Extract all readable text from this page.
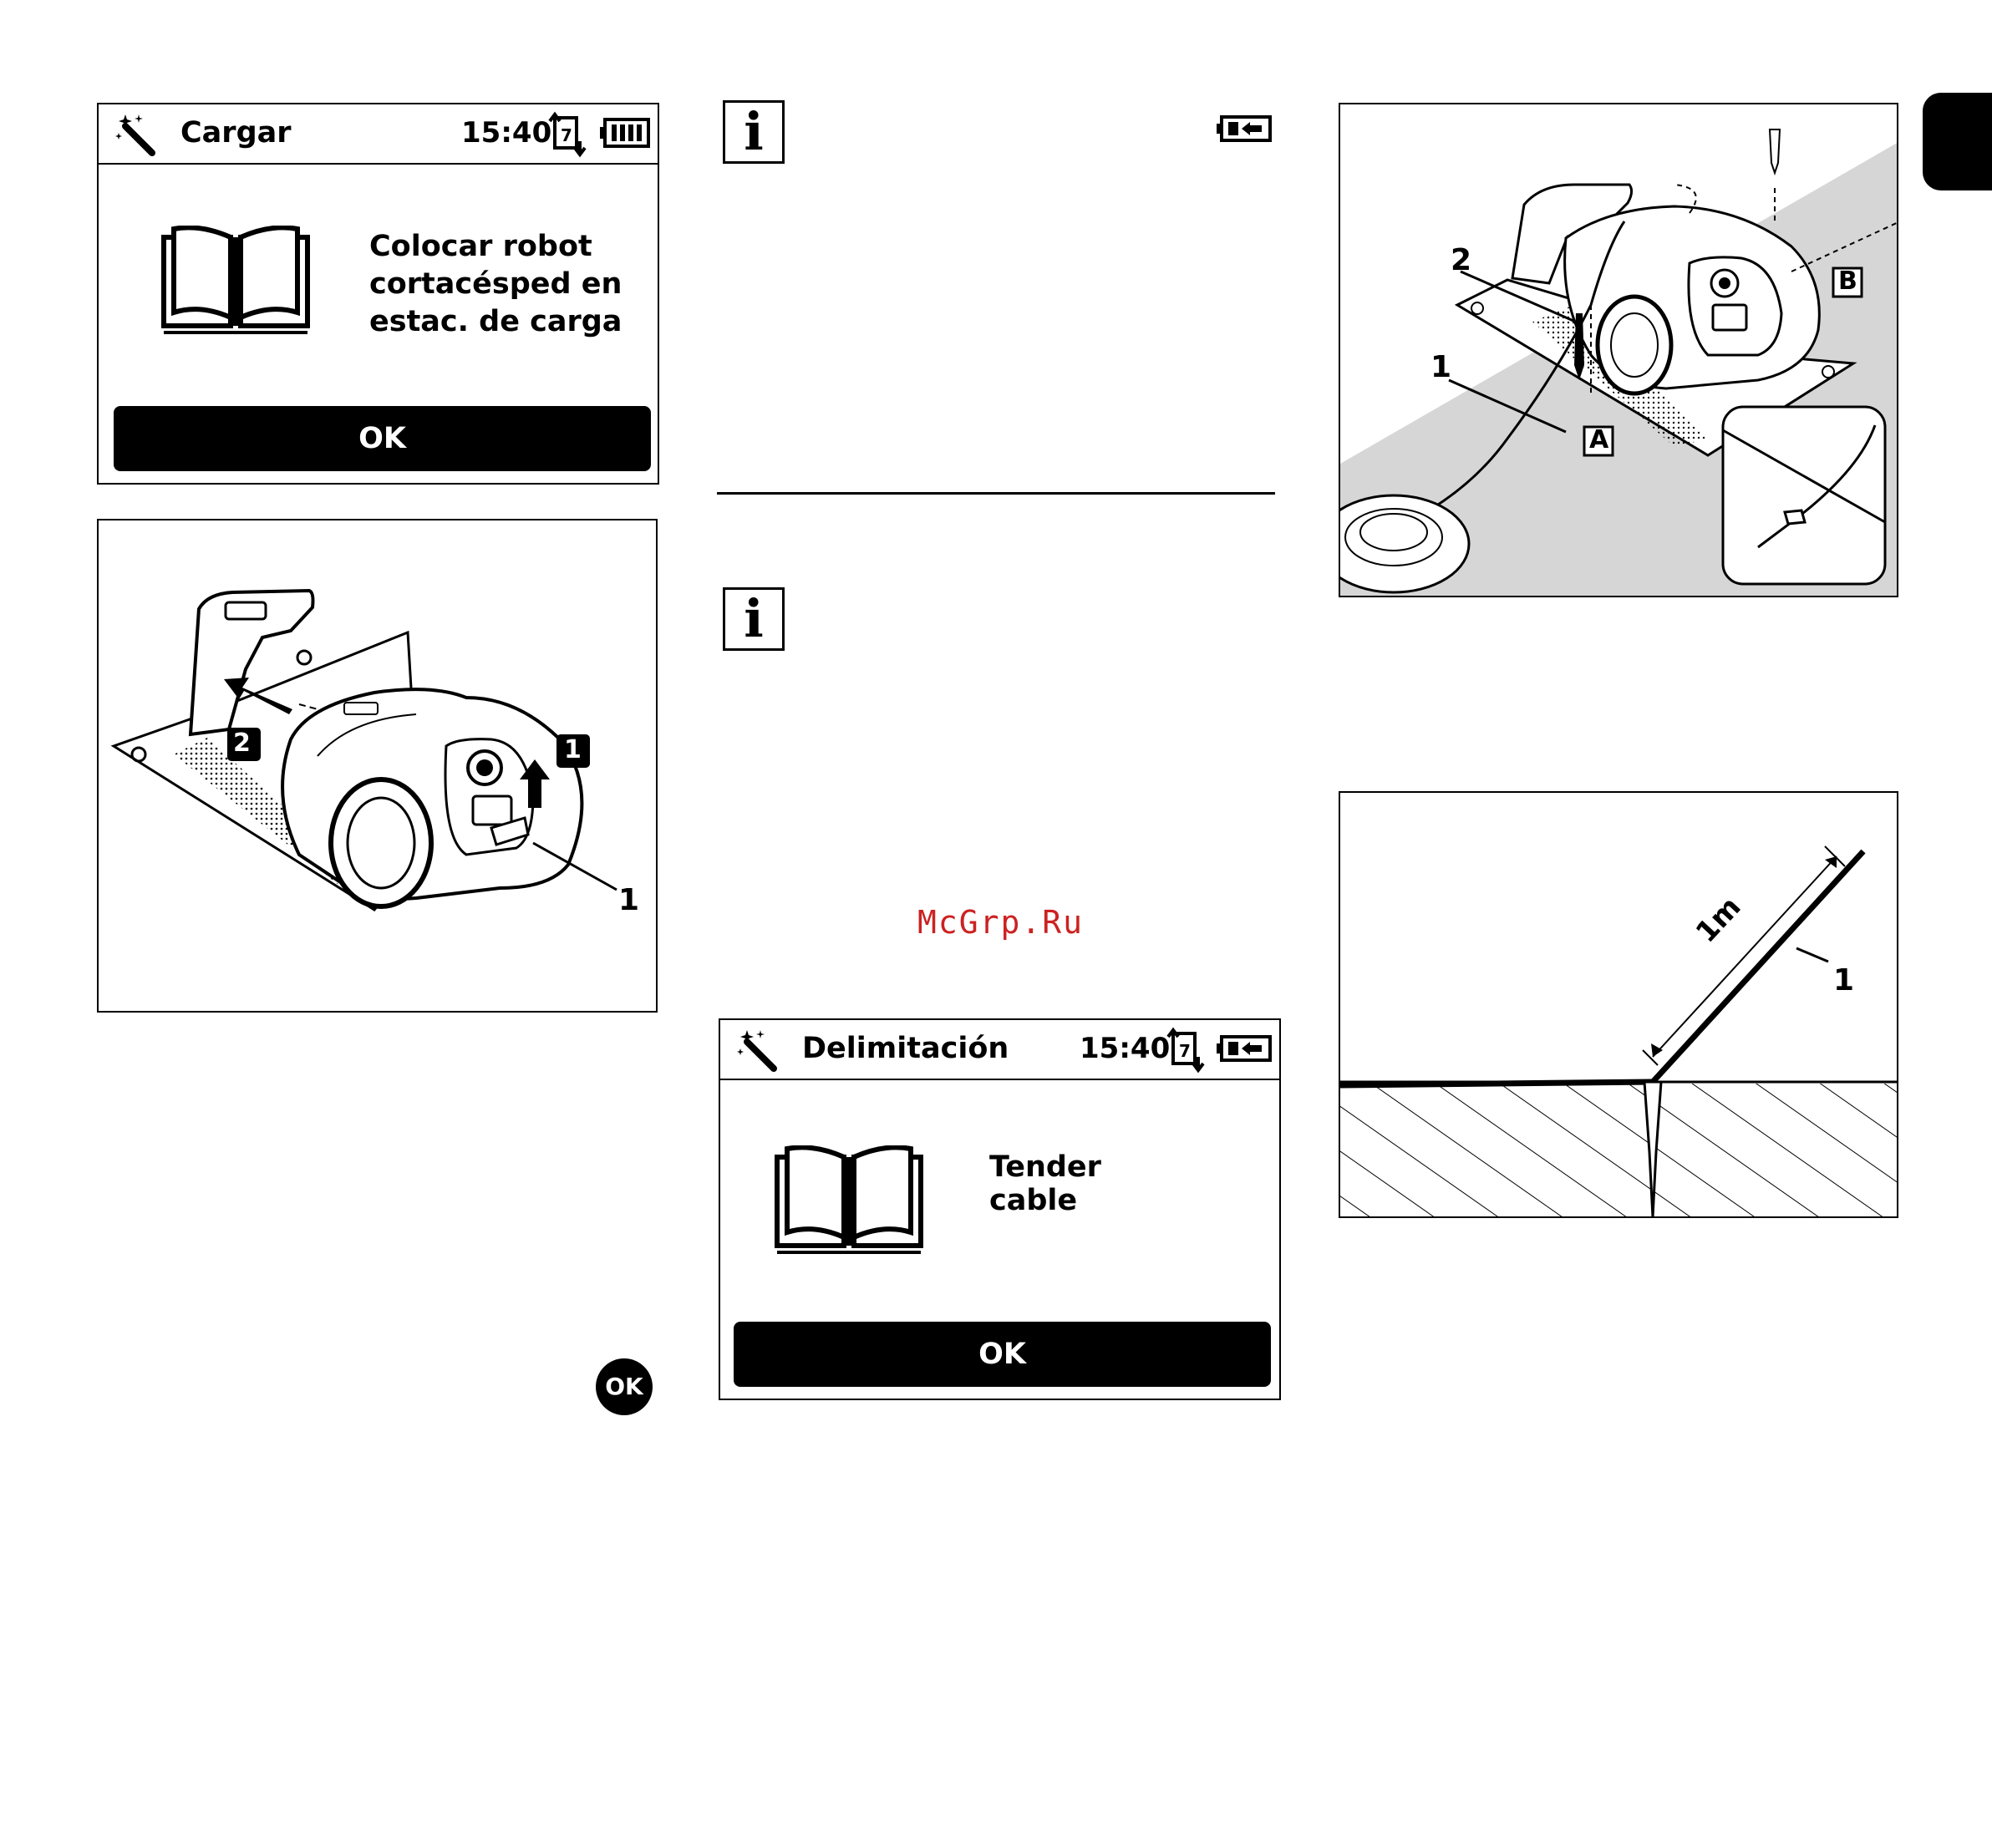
Cargar	15:40 7
Colocar robot
cortacésped en
estac. de carga
OK
2	1
1
OK
i
i
McGrp.Ru
Delimitación 15:40 7
Tender
cable
OK
2
1
A
B
1m
1
